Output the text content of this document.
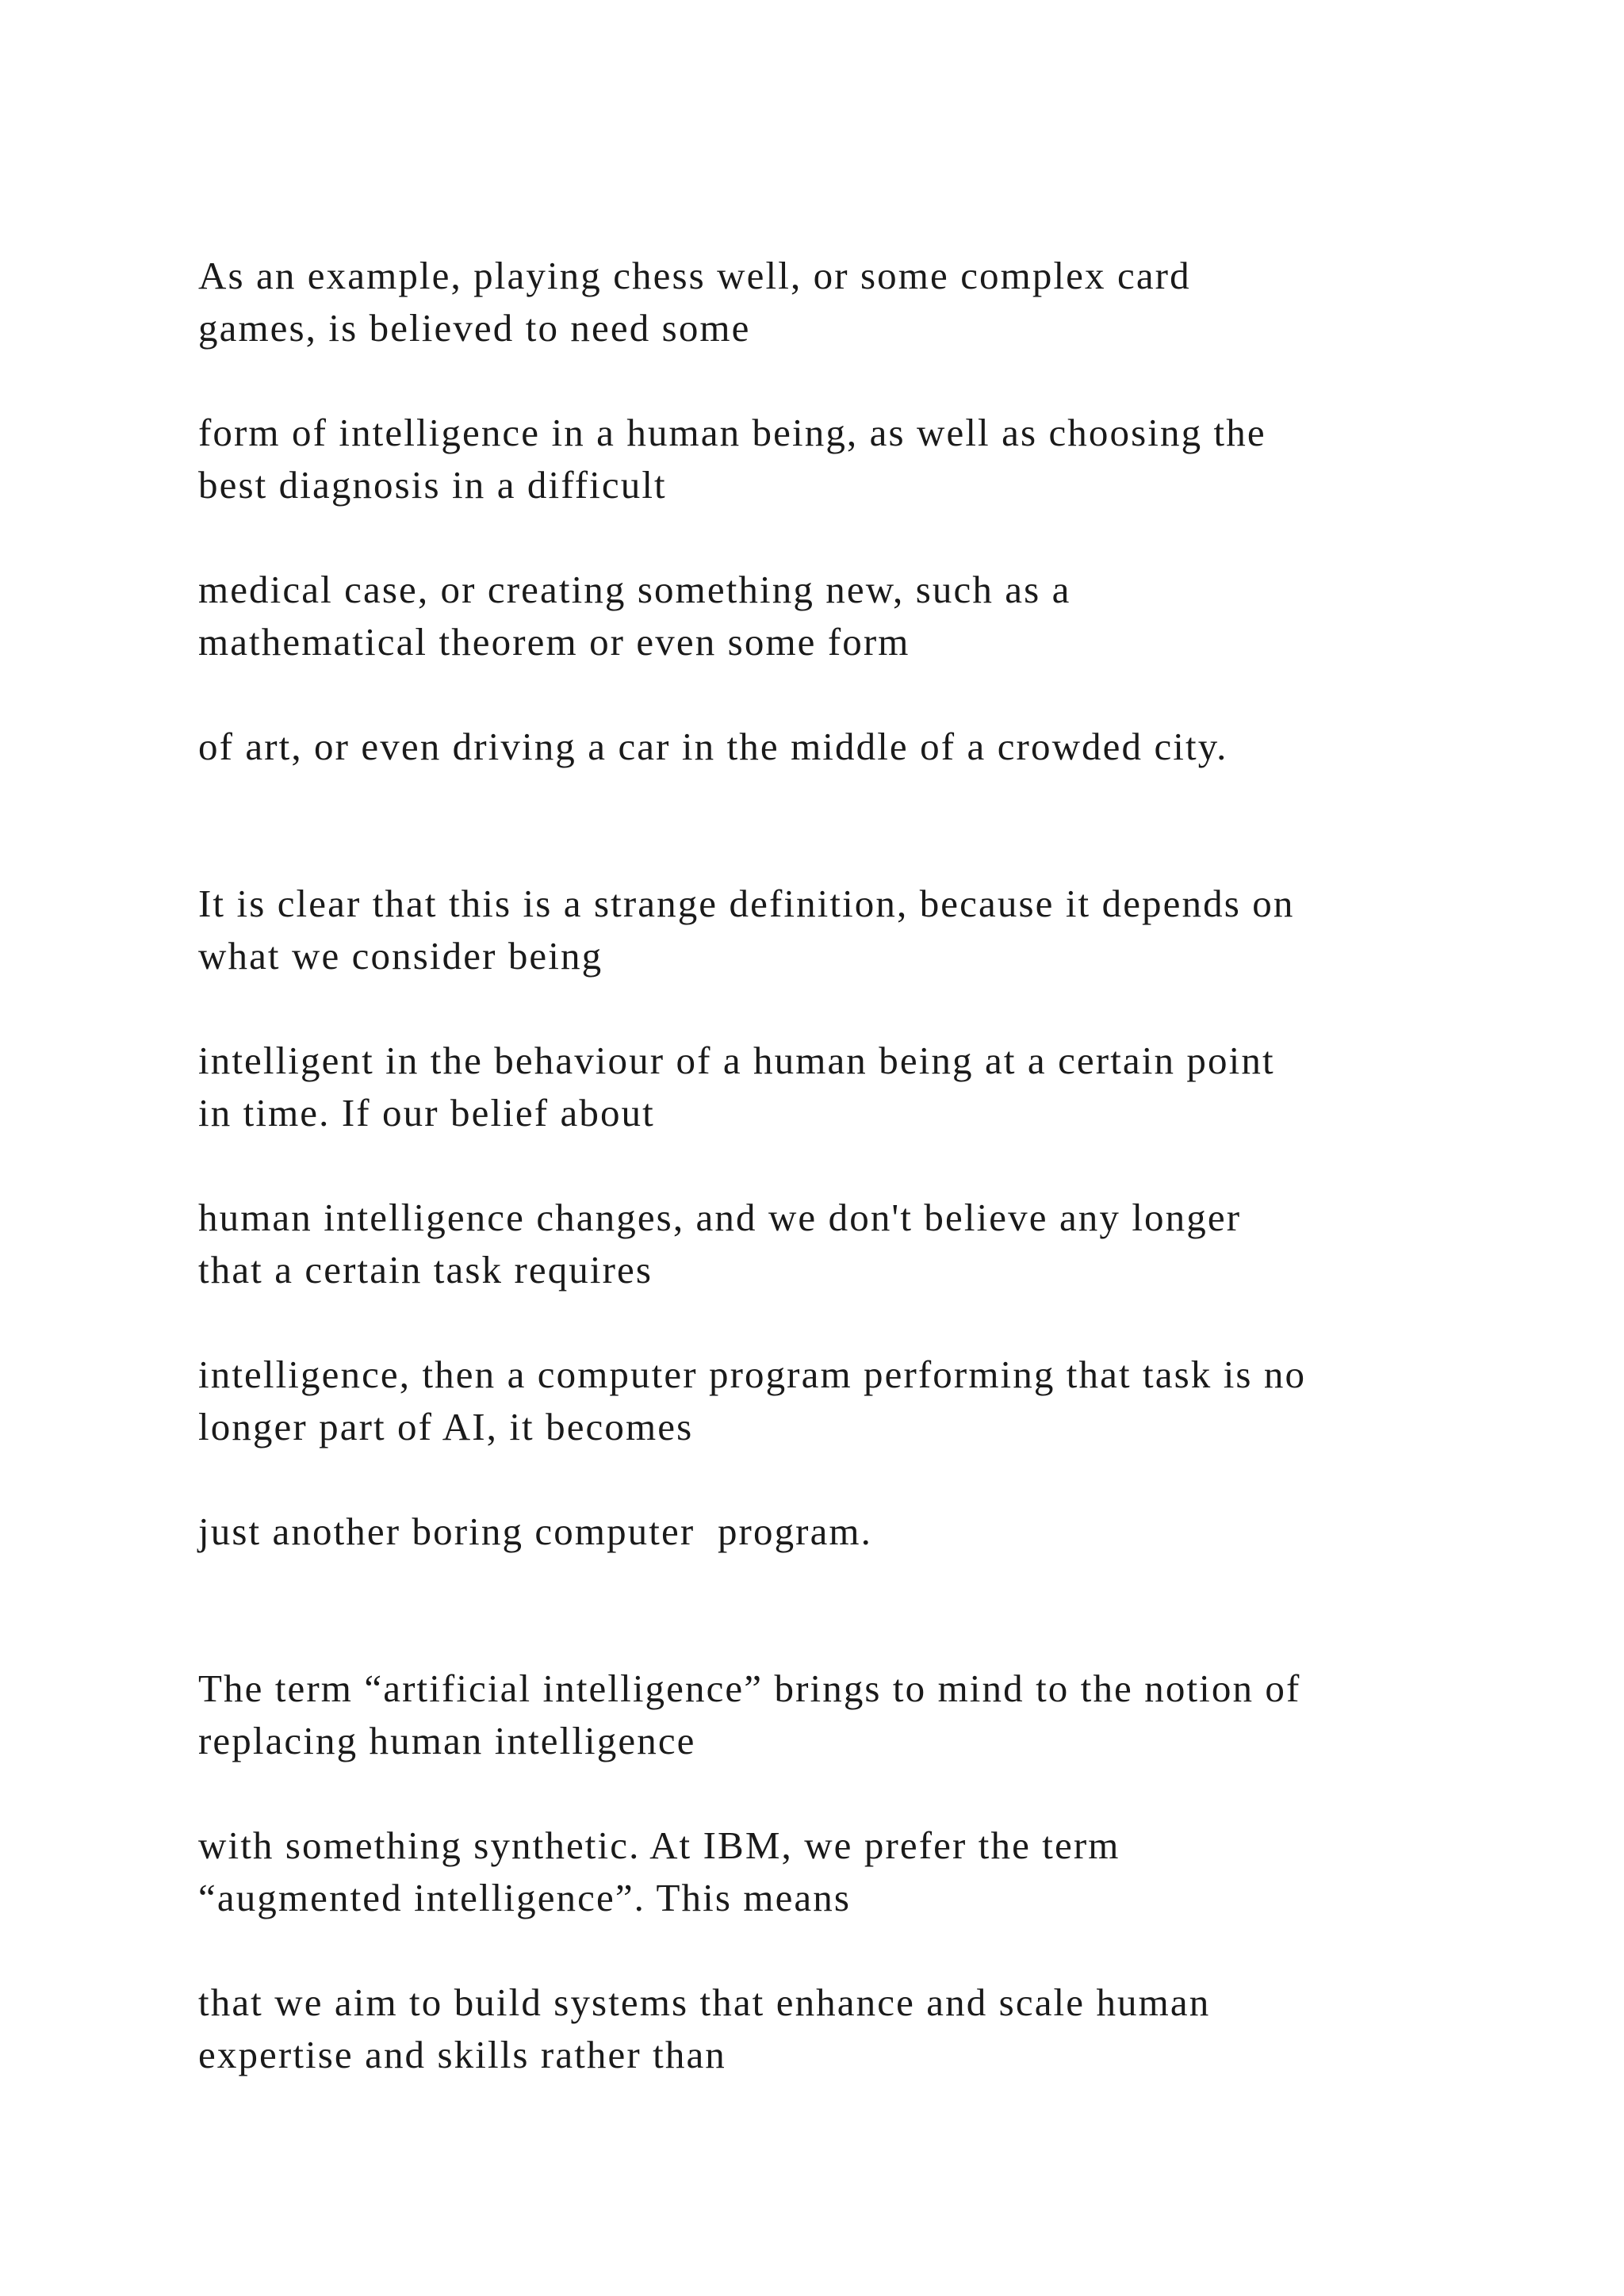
As an example, playing chess well, or some complex card
games, is believed to need some

form of intelligence in a human being, as well as choosing the
best diagnosis in a difficult

medical case, or creating something new, such as a
mathematical theorem or even some form

of art, or even driving a car in the middle of a crowded city.

It is clear that this is a strange definition, because it depends on
what we consider being

intelligent in the behaviour of a human being at a certain point
in time. If our belief about

human intelligence changes, and we don't believe any longer
that a certain task requires

intelligence, then a computer program performing that task is no
longer part of AI, it becomes

just another boring computer  program.

The term “artificial intelligence” brings to mind to the notion of
replacing human intelligence

with something synthetic. At IBM, we prefer the term
“augmented intelligence”. This means

that we aim to build systems that enhance and scale human
expertise and skills rather than
